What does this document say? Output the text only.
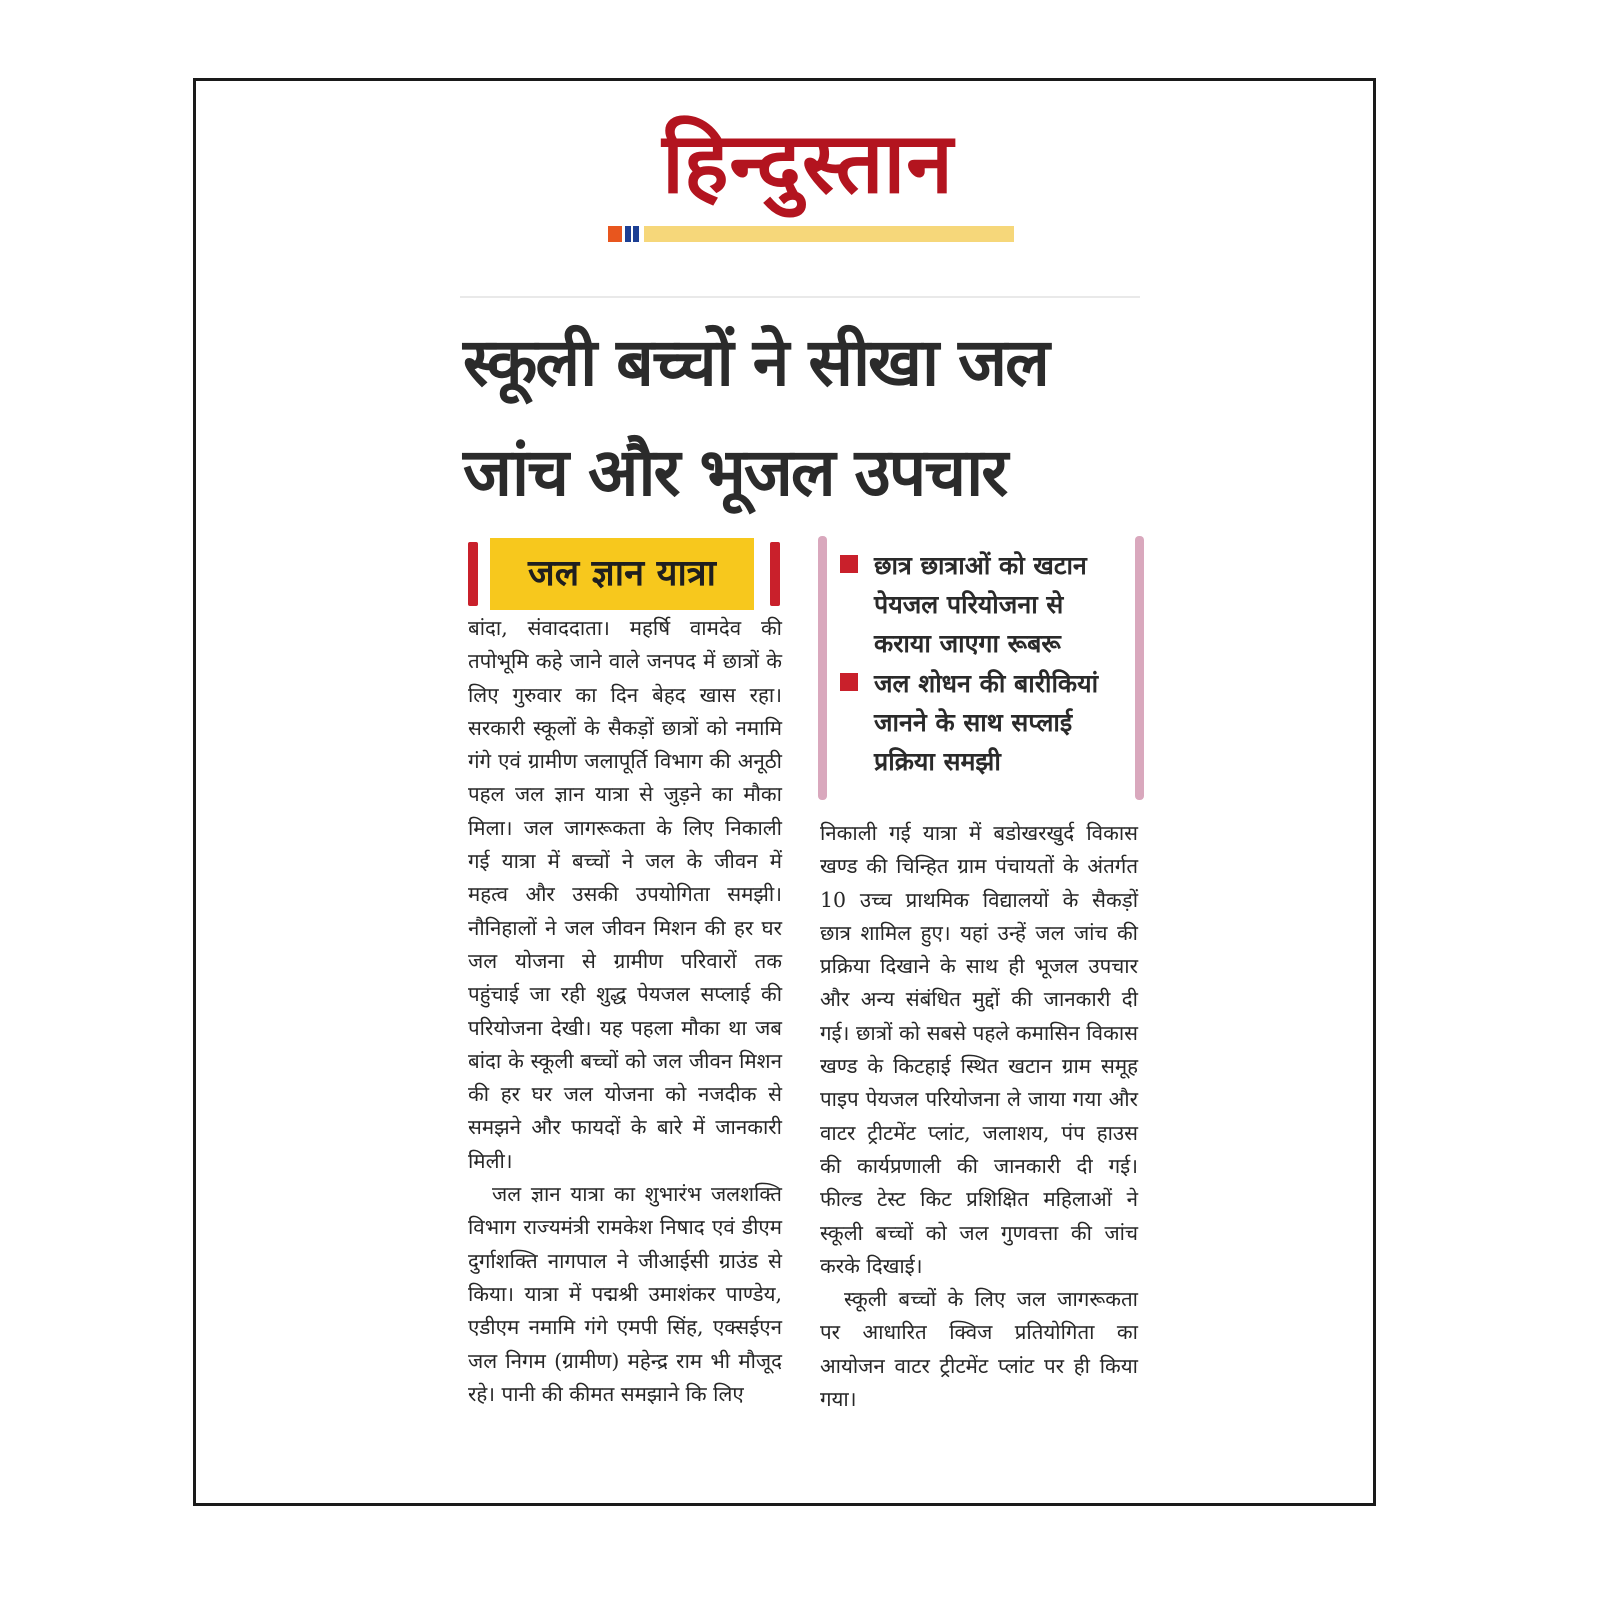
हिन्दुस्तान
स्कूली बच्चों ने सीखा जल जांच और भूजल उपचार
जल ज्ञान यात्रा	छात्र छात्राओं को खटान पेयजल परियोजना से कराया जाएगा रूबरू
जल शोधन की बारीकियां जानने के साथ सप्लाई प्रक्रिया समझी

बांदा, संवाददाता। महर्षि वामदेव की तपोभूमि कहे जाने वाले जनपद में छात्रों के लिए गुरुवार का दिन बेहद खास रहा। सरकारी स्कूलों के सैकड़ों छात्रों को नमामि गंगे एवं ग्रामीण जलापूर्ति विभाग की अनूठी पहल जल ज्ञान यात्रा से जुड़ने का मौका मिला। जल जागरूकता के लिए निकाली गई यात्रा में बच्चों ने जल के जीवन में महत्व और उसकी उपयोगिता समझी। नौनिहालों ने जल जीवन मिशन की हर घर जल योजना से ग्रामीण परिवारों तक पहुंचाई जा रही शुद्ध पेयजल सप्लाई की परियोजना देखी। यह पहला मौका था जब बांदा के स्कूली बच्चों को जल जीवन मिशन की हर घर जल योजना को नजदीक से समझने और फायदों के बारे में जानकारी मिली।

जल ज्ञान यात्रा का शुभारंभ जलशक्ति विभाग राज्यमंत्री रामकेश निषाद एवं डीएम दुर्गाशक्ति नागपाल ने जीआईसी ग्राउंड से किया। यात्रा में पद्मश्री उमाशंकर पाण्डेय, एडीएम नमामि गंगे एमपी सिंह, एक्सईएन जल निगम (ग्रामीण) महेन्द्र राम भी मौजूद रहे। पानी की कीमत समझाने कि लिए

निकाली गई यात्रा में बडोखरखुर्द विकास खण्ड की चिन्हित ग्राम पंचायतों के अंतर्गत 10 उच्च प्राथमिक विद्यालयों के सैकड़ों छात्र शामिल हुए। यहां उन्हें जल जांच की प्रक्रिया दिखाने के साथ ही भूजल उपचार और अन्य संबंधित मुद्दों की जानकारी दी गई। छात्रों को सबसे पहले कमासिन विकास खण्ड के किटहाई स्थित खटान ग्राम समूह पाइप पेयजल परियोजना ले जाया गया और वाटर ट्रीटमेंट प्लांट, जलाशय, पंप हाउस की कार्यप्रणाली की जानकारी दी गई। फील्ड टेस्ट किट प्रशिक्षित महिलाओं ने स्कूली बच्चों को जल गुणवत्ता की जांच करके दिखाई।

स्कूली बच्चों के लिए जल जागरूकता पर आधारित क्विज प्रतियोगिता का आयोजन वाटर ट्रीटमेंट प्लांट पर ही किया गया।
